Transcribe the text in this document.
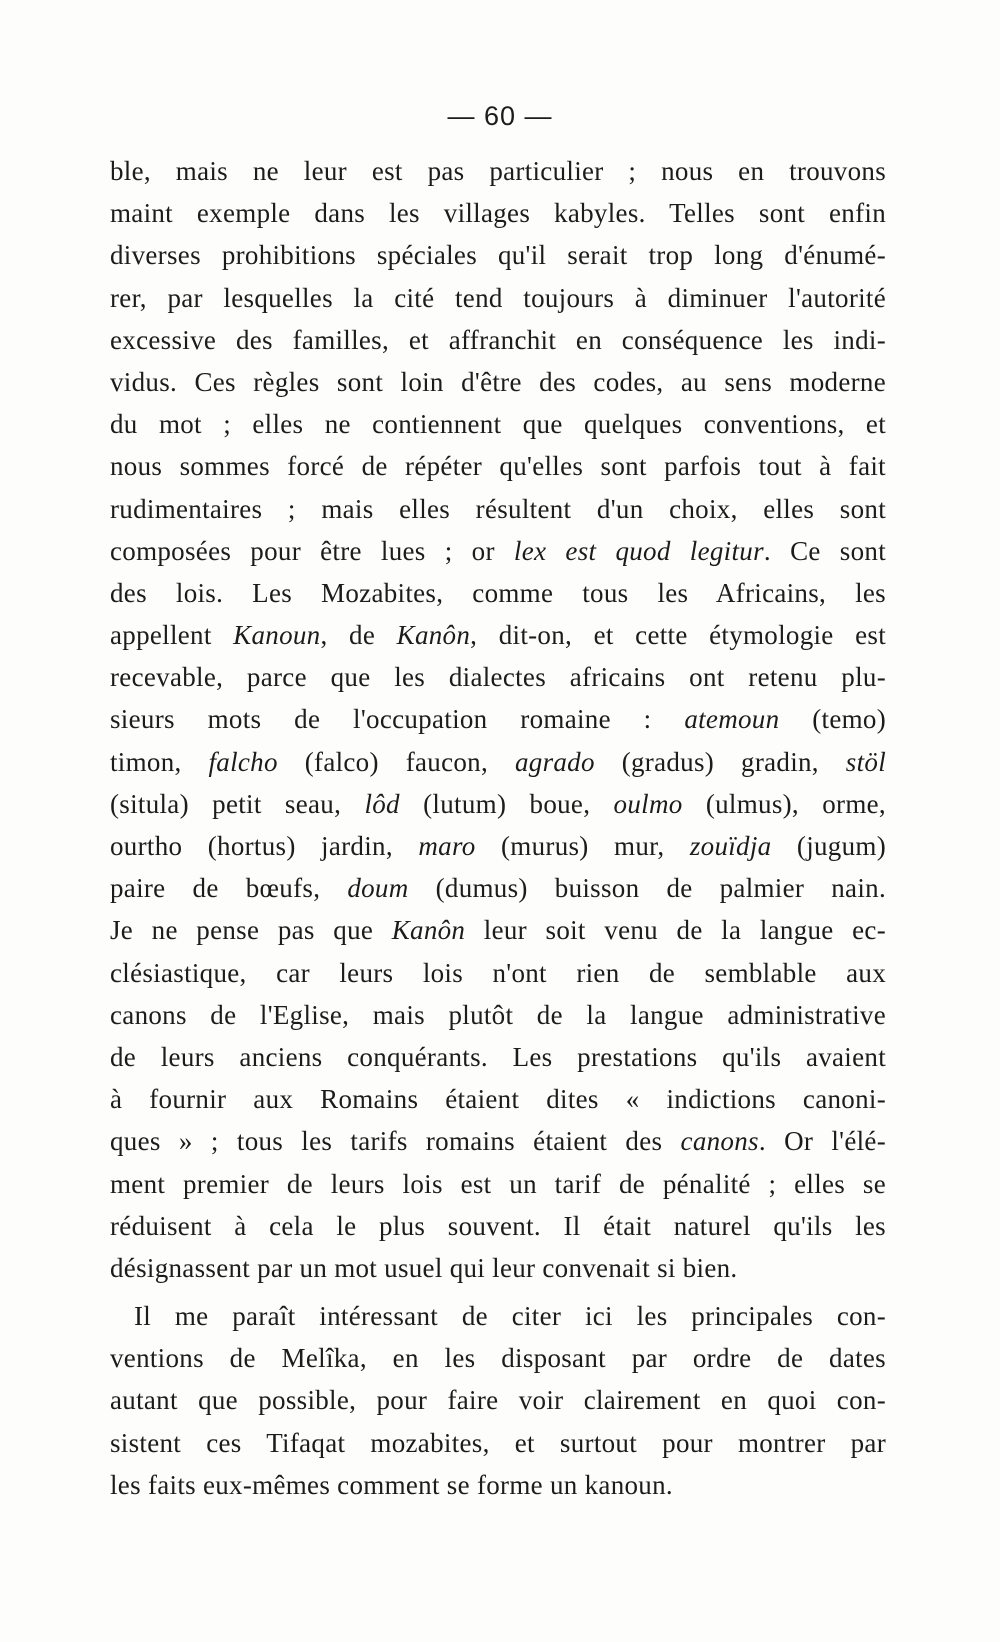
— 60 —
ble, mais ne leur est pas particulier ; nous en trouvons
maint exemple dans les villages kabyles. Telles sont enfin
diverses prohibitions spéciales qu'il serait trop long d'énumé-
rer, par lesquelles la cité tend toujours à diminuer l'autorité
excessive des familles, et affranchit en conséquence les indi-
vidus. Ces règles sont loin d'être des codes, au sens moderne
du mot ; elles ne contiennent que quelques conventions, et
nous sommes forcé de répéter qu'elles sont parfois tout à fait
rudimentaires ; mais elles résultent d'un choix, elles sont
composées pour être lues ; or lex est quod legitur. Ce sont
des lois. Les Mozabites, comme tous les Africains, les
appellent Kanoun, de Kanôn, dit-on, et cette étymologie est
recevable, parce que les dialectes africains ont retenu plu-
sieurs mots de l'occupation romaine : atemoun (temo)
timon, falcho (falco) faucon, agrado (gradus) gradin, stöl
(situla) petit seau, lôd (lutum) boue, oulmo (ulmus), orme,
ourtho (hortus) jardin, maro (murus) mur, zouïdja (jugum)
paire de bœufs, doum (dumus) buisson de palmier nain.
Je ne pense pas que Kanôn leur soit venu de la langue ec-
clésiastique, car leurs lois n'ont rien de semblable aux
canons de l'Eglise, mais plutôt de la langue administrative
de leurs anciens conquérants. Les prestations qu'ils avaient
à fournir aux Romains étaient dites « indictions canoni-
ques » ; tous les tarifs romains étaient des canons. Or l'élé-
ment premier de leurs lois est un tarif de pénalité ; elles se
réduisent à cela le plus souvent. Il était naturel qu'ils les
désignassent par un mot usuel qui leur convenait si bien.
Il me paraît intéressant de citer ici les principales con-
ventions de Melîka, en les disposant par ordre de dates
autant que possible, pour faire voir clairement en quoi con-
sistent ces Tifaqat mozabites, et surtout pour montrer par
les faits eux-mêmes comment se forme un kanoun.
